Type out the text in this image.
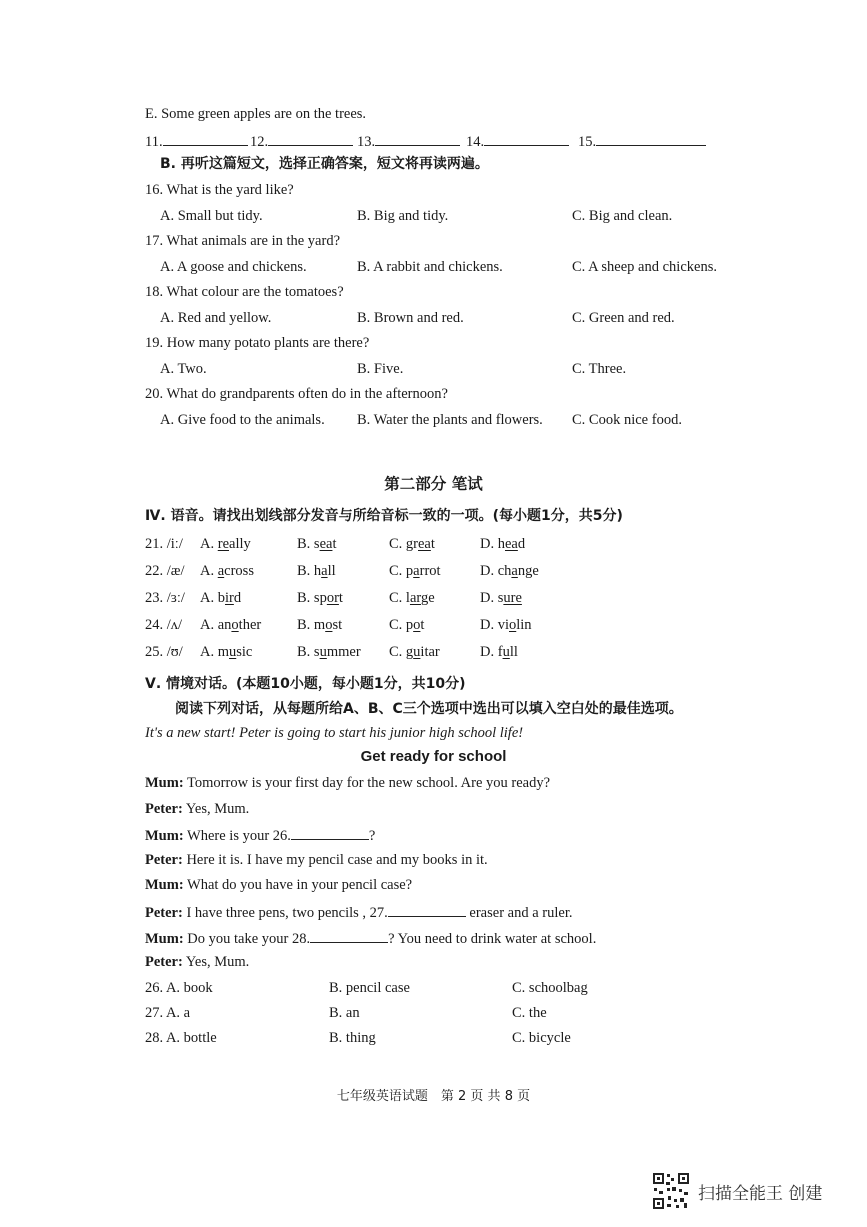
E. Some green apples are on the trees.
11.	12.	13.	14.	15.
B. 再听这篇短文，选择正确答案，短文将再读两遍。
16. What is the yard like?
A. Small but tidy.	B. Big and tidy.	C. Big and clean.
17. What animals are in the yard?
A. A goose and chickens.	B. A rabbit and chickens.	C. A sheep and chickens.
18. What colour are the tomatoes?
A. Red and yellow.	B. Brown and red.	C. Green and red.
19. How many potato plants are there?
A. Two.	B. Five.	C. Three.
20. What do grandparents often do in the afternoon?
A. Give food to the animals. B. Water the plants and flowers. C. Cook nice food.
第二部分 笔试
Ⅳ. 语音。请找出划线部分发音与所给音标一致的一项。(每小题1分，共5分)
21. /iː/ A. really	B. seat	C. great	D. head
22. /æ/ A. across	B. hall	C. parrot	D. change
23. /ɜː/ A. bird	B. sport	C. large	D. sure
24. /ʌ/ A. another B. most	C. pot	D. violin
25. /ʊ/ A. music	B. summer C. guitar	D. full
Ⅴ. 情境对话。(本题10小题，每小题1分，共10分)
阅读下列对话，从每题所给A、B、C三个选项中选出可以填入空白处的最佳选项。
It's a new start! Peter is going to start his junior high school life!
Get ready for school
Mum: Tomorrow is your first day for the new school. Are you ready?
Peter: Yes, Mum.
Mum: Where is your 26.	?
Peter: Here it is. I have my pencil case and my books in it.
Mum: What do you have in your pencil case?
Peter: I have three pens, two pencils , 27.	eraser and a ruler.
Mum: Do you take your 28.	? You need to drink water at school.
Peter: Yes, Mum.
26. A. book	B. pencil case	C. schoolbag
27. A. a	B. an	C. the
28. A. bottle	B. thing	C. bicycle
七年级英语试题　第 2 页 共 8 页
扫描全能王 创建
